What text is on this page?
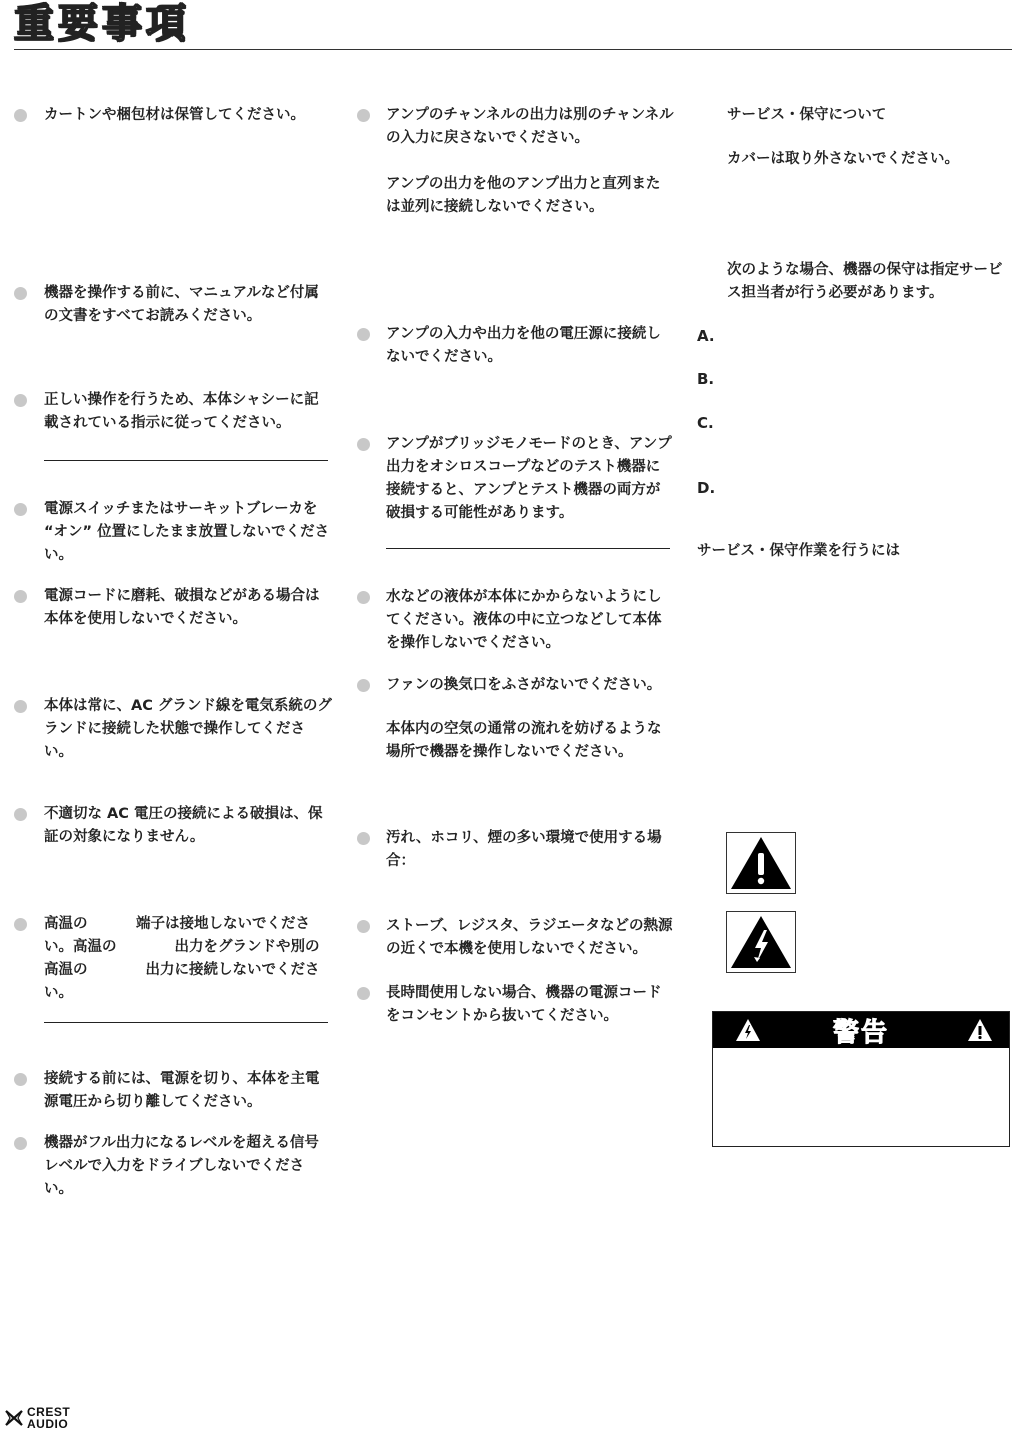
重要事項
カートンや梱包材は保管してください。
機器を操作する前に、マニュアルなど付属の文書をすべてお読みください。
正しい操作を行うため、本体シャシーに記載されている指示に従ってください。
電源スイッチまたはサーキットブレーカを “オン” 位置にしたまま放置しないでください。
電源コードに磨耗、破損などがある場合は本体を使用しないでください。
本体は常に、AC グランド線を電気系統のグランドに接続した状態で操作してください。
不適切な AC 電圧の接続による破損は、保証の対象になりません。
高温の　　　 端子は接地しないでください。高温の　　　　出力をグランドや別の高温の　　　　出力に接続しないでください。
接続する前には、電源を切り、本体を主電源電圧から切り離してください。
機器がフル出力になるレベルを超える信号レベルで入力をドライブしないでください。
アンプのチャンネルの出力は別のチャンネルの入力に戻さないでください。
アンプの出力を他のアンプ出力と直列または並列に接続しないでください。
アンプの入力や出力を他の電圧源に接続しないでください。
アンプがブリッジモノモードのとき、アンプ出力をオシロスコープなどのテスト機器に接続すると、アンプとテスト機器の両方が破損する可能性があります。
水などの液体が本体にかからないようにしてください。液体の中に立つなどして本体を操作しないでください。
ファンの換気口をふさがないでください。
本体内の空気の通常の流れを妨げるような場所で機器を操作しないでください。
汚れ、ホコリ、煙の多い環境で使用する場合：
ストーブ、レジスタ、ラジエータなどの熱源の近くで本機を使用しないでください。
長時間使用しない場合、機器の電源コードをコンセントから抜いてください。
サービス・保守について
カバーは取り外さないでください。
次のような場合、機器の保守は指定サービス担当者が行う必要があります。
A.
B.
C.
D.
サービス・保守作業を行うには
警告
CREST
AUDIO
